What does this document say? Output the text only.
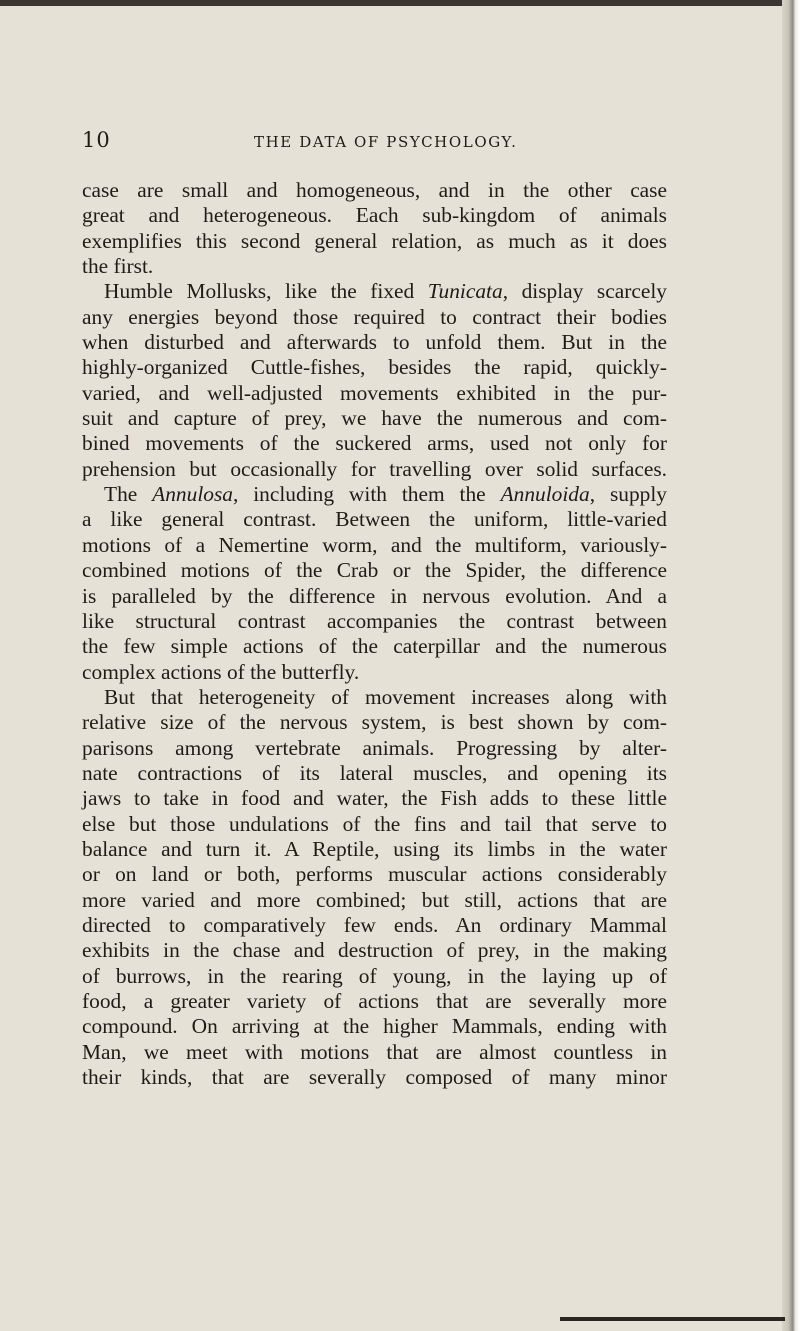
10	THE DATA OF PSYCHOLOGY.
case are small and homogeneous, and in the other case
great and heterogeneous. Each sub-kingdom of animals
exemplifies this second general relation, as much as it does
the first.
Humble Mollusks, like the fixed Tunicata, display scarcely
any energies beyond those required to contract their bodies
when disturbed and afterwards to unfold them. But in the
highly-organized Cuttle-fishes, besides the rapid, quickly-
varied, and well-adjusted movements exhibited in the pur-
suit and capture of prey, we have the numerous and com-
bined movements of the suckered arms, used not only for
prehension but occasionally for travelling over solid surfaces.
The Annulosa, including with them the Annuloida, supply
a like general contrast. Between the uniform, little-varied
motions of a Nemertine worm, and the multiform, variously-
combined motions of the Crab or the Spider, the difference
is paralleled by the difference in nervous evolution. And a
like structural contrast accompanies the contrast between
the few simple actions of the caterpillar and the numerous
complex actions of the butterfly.
But that heterogeneity of movement increases along with
relative size of the nervous system, is best shown by com-
parisons among vertebrate animals. Progressing by alter-
nate contractions of its lateral muscles, and opening its
jaws to take in food and water, the Fish adds to these little
else but those undulations of the fins and tail that serve to
balance and turn it. A Reptile, using its limbs in the water
or on land or both, performs muscular actions considerably
more varied and more combined; but still, actions that are
directed to comparatively few ends. An ordinary Mammal
exhibits in the chase and destruction of prey, in the making
of burrows, in the rearing of young, in the laying up of
food, a greater variety of actions that are severally more
compound. On arriving at the higher Mammals, ending with
Man, we meet with motions that are almost countless in
their kinds, that are severally composed of many minor
